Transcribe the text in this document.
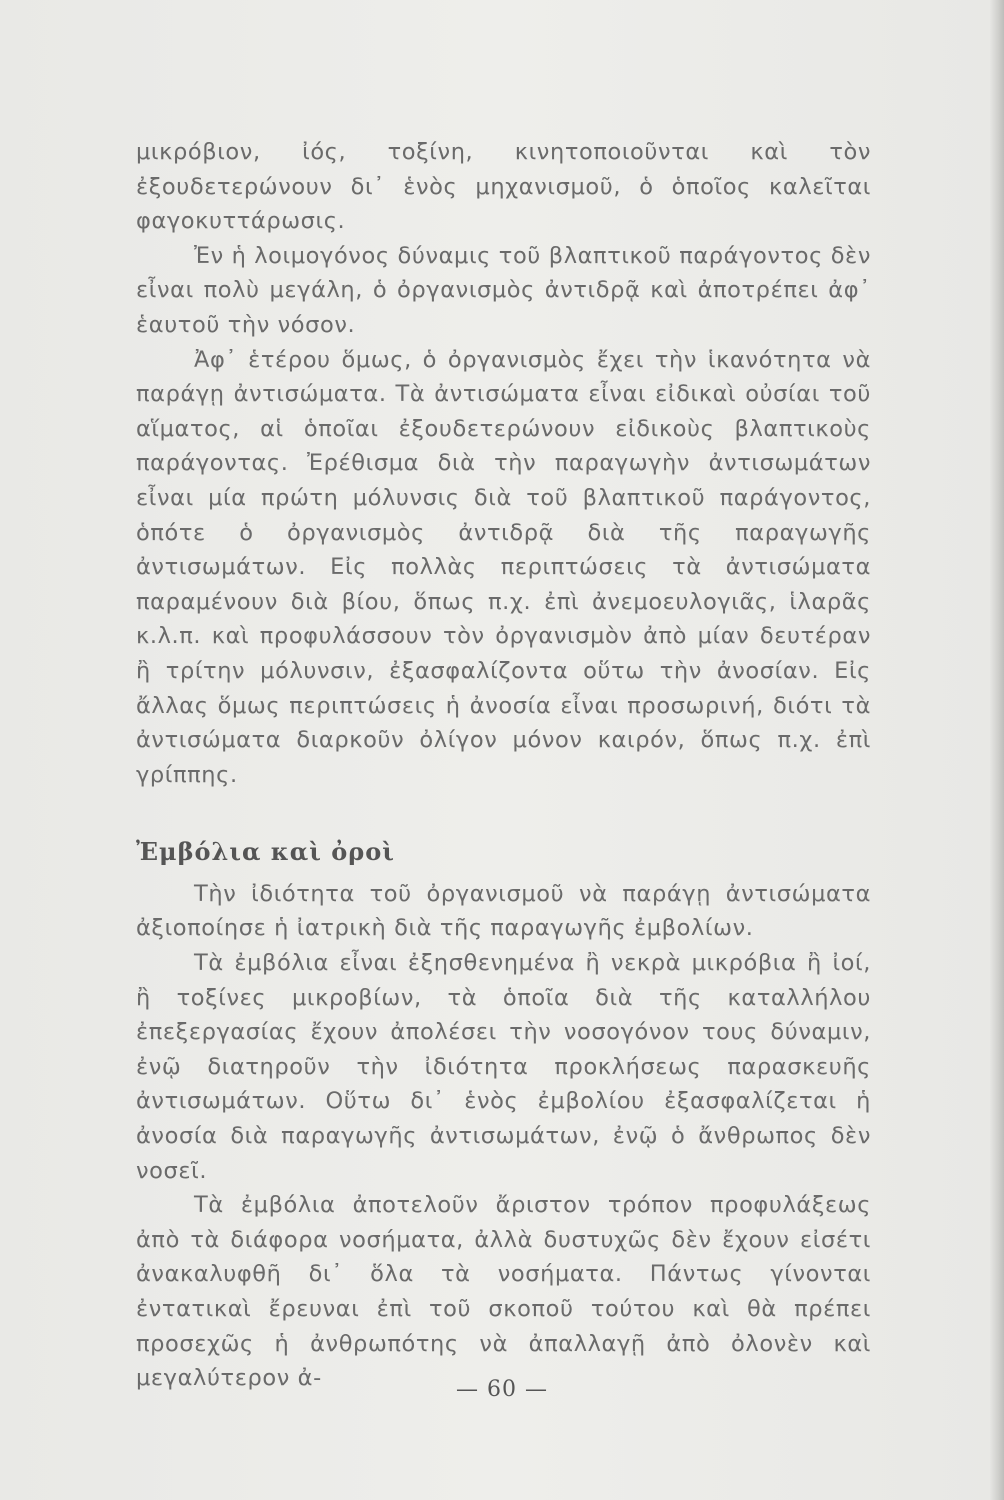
μικρόβιον, ἰός, τοξίνη, κινητοποιοῦνται καὶ τὸν ἐξουδετερώνουν δι᾽ ἑνὸς μηχανισμοῦ, ὁ ὁποῖος καλεῖται φαγοκυττάρωσις.

Ἐν ἡ λοιμογόνος δύναμις τοῦ βλαπτικοῦ παράγοντος δὲν εἶναι πολὺ μεγάλη, ὁ ὀργανισμὸς ἀντιδρᾷ καὶ ἀποτρέπει ἀφ᾽ ἑαυτοῦ τὴν νόσον.

Ἀφ᾽ ἑτέρου ὅμως, ὁ ὀργανισμὸς ἔχει τὴν ἱκανότητα νὰ παράγῃ ἀντισώματα. Τὰ ἀντισώματα εἶναι εἰδικαὶ οὐσίαι τοῦ αἵματος, αἱ ὁποῖαι ἐξουδετερώνουν εἰδικοὺς βλαπτικοὺς παράγοντας. Ἐρέθισμα διὰ τὴν παραγωγὴν ἀντισωμάτων εἶναι μία πρώτη μόλυνσις διὰ τοῦ βλαπτικοῦ παράγοντος, ὁπότε ὁ ὀργανισμὸς ἀντιδρᾷ διὰ τῆς παραγωγῆς ἀντισωμάτων. Εἰς πολλὰς περιπτώσεις τὰ ἀντισώματα παραμένουν διὰ βίου, ὅπως π.χ. ἐπὶ ἀνεμοευλογιᾶς, ἱλαρᾶς κ.λ.π. καὶ προφυλάσσουν τὸν ὀργανισμὸν ἀπὸ μίαν δευτέραν ἢ τρίτην μόλυνσιν, ἐξασφαλίζοντα οὕτω τὴν ἀνοσίαν. Εἰς ἄλλας ὅμως περιπτώσεις ἡ ἀνοσία εἶναι προσωρινή, διότι τὰ ἀντισώματα διαρκοῦν ὀλίγον μόνον καιρόν, ὅπως π.χ. ἐπὶ γρίππης.

Ἐμβόλια καὶ ὀροὶ

Τὴν ἰδιότητα τοῦ ὀργανισμοῦ νὰ παράγῃ ἀντισώματα ἀξιοποίησε ἡ ἰατρικὴ διὰ τῆς παραγωγῆς ἐμβολίων.

Τὰ ἐμβόλια εἶναι ἐξησθενημένα ἢ νεκρὰ μικρόβια ἢ ἰοί, ἢ τοξίνες μικροβίων, τὰ ὁποῖα διὰ τῆς καταλλήλου ἐπεξεργασίας ἔχουν ἀπολέσει τὴν νοσογόνον τους δύναμιν, ἐνῷ διατηροῦν τὴν ἰδιότητα προκλήσεως παρασκευῆς ἀντισωμάτων. Οὕτω δι᾽ ἑνὸς ἐμβολίου ἐξασφαλίζεται ἡ ἀνοσία διὰ παραγωγῆς ἀντισωμάτων, ἐνῷ ὁ ἄνθρωπος δὲν νοσεῖ.

Τὰ ἐμβόλια ἀποτελοῦν ἄριστον τρόπον προφυλάξεως ἀπὸ τὰ διάφορα νοσήματα, ἀλλὰ δυστυχῶς δὲν ἔχουν εἰσέτι ἀνακαλυφθῆ δι᾽ ὅλα τὰ νοσήματα. Πάντως γίνονται ἐντατικαὶ ἔρευναι ἐπὶ τοῦ σκοποῦ τούτου καὶ θὰ πρέπει προσεχῶς ἡ ἀνθρωπότης νὰ ἀπαλλαγῇ ἀπὸ ὀλονὲν καὶ μεγαλύτερον ἀ-	— 60 —
